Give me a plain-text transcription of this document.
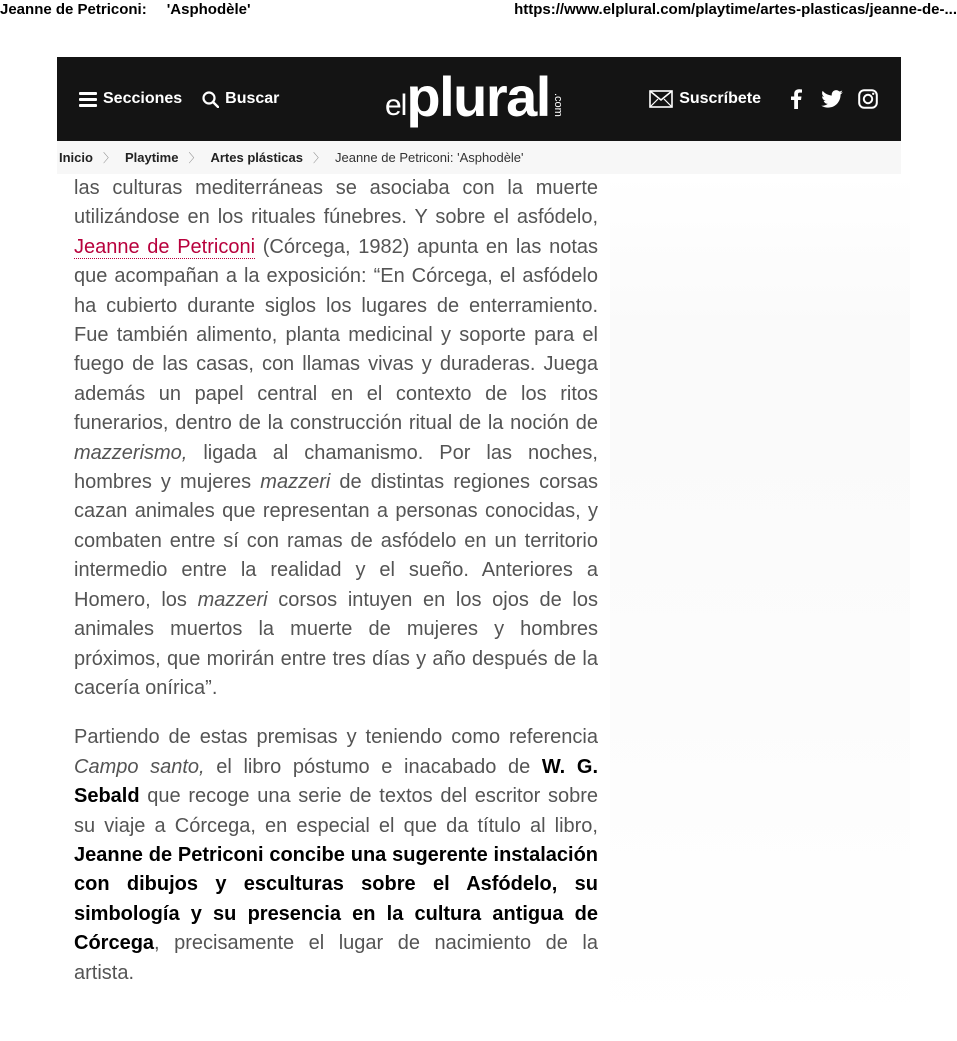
Jeanne de Petriconi: 'Asphodèle'	https://www.elplural.com/playtime/artes-plasticas/jeanne-de-...
Secciones	Buscar	el plural .com	Suscríbete
Inicio 〉 Playtime 〉 Artes plásticas 〉 Jeanne de Petriconi: 'Asphodèle'

las culturas mediterráneas se asociaba con la muerte utilizándose en los rituales fúnebres. Y sobre el asfódelo, Jeanne de Petriconi (Córcega, 1982) apunta en las notas que acompañan a la exposición: “En Córcega, el asfódelo ha cubierto durante siglos los lugares de enterramiento. Fue también alimento, planta medicinal y soporte para el fuego de las casas, con llamas vivas y duraderas. Juega además un papel central en el contexto de los ritos funerarios, dentro de la construcción ritual de la noción de mazzerismo, ligada al chamanismo. Por las noches, hombres y mujeres mazzeri de distintas regiones corsas cazan animales que representan a personas conocidas, y combaten entre sí con ramas de asfódelo en un territorio intermedio entre la realidad y el sueño. Anteriores a Homero, los mazzeri corsos intuyen en los ojos de los animales muertos la muerte de mujeres y hombres próximos, que morirán entre tres días y año después de la cacería onírica”.

Partiendo de estas premisas y teniendo como referencia Campo santo, el libro póstumo e inacabado de W. G. Sebald que recoge una serie de textos del escritor sobre su viaje a Córcega, en especial el que da título al libro, Jeanne de Petriconi concibe una sugerente instalación con dibujos y esculturas sobre el Asfódelo, su simbología y su presencia en la cultura antigua de Córcega, precisamente el lugar de nacimiento de la artista.
